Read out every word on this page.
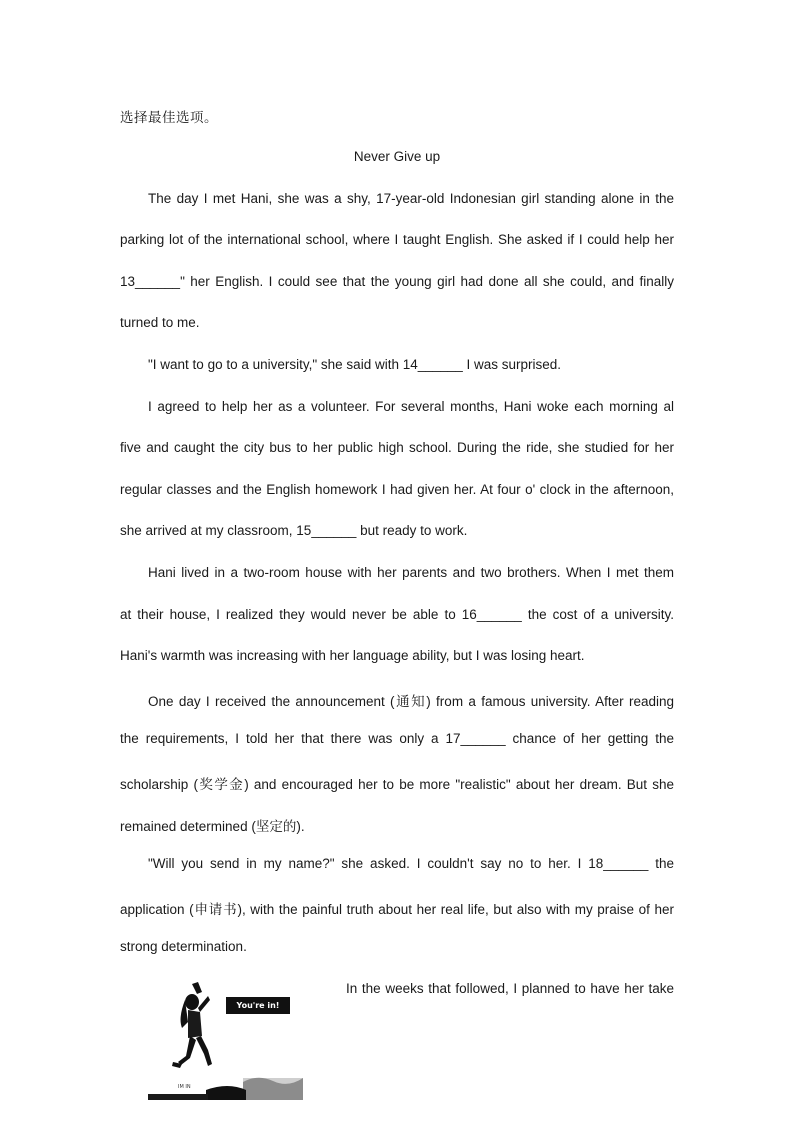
选择最佳选项。
Never Give up
The day I met Hani, she was a shy, 17-year-old Indonesian girl standing alone in the
parking lot of the international school, where I taught English. She asked if I could help her
13______" her English. I could see that the young girl had done all she could, and finally
turned to me.
"I want to go to a university," she said with 14______ I was surprised.
I agreed to help her as a volunteer. For several months, Hani woke each morning al
five and caught the city bus to her public high school. During the ride, she studied for her
regular classes and the English homework I had given her. At four o' clock in the afternoon,
she arrived at my classroom, 15______ but ready to work.
Hani lived in a two-room house with her parents and two brothers. When I met them
at their house, I realized they would never be able to 16______ the cost of a university.
Hani's warmth was increasing with her language ability, but I was losing heart.
One day I received the announcement (通知) from a famous university. After reading
the requirements, I told her that there was only a 17______ chance of her getting the
scholarship (奖学金) and encouraged her to be more "realistic" about her dream. But she
remained determined (坚定的).
"Will you send in my name?" she asked. I couldn't say no to her. I 18______ the
application (申请书), with the painful truth about her real life, but also with my praise of her
strong determination.
IM IN
You're in!
In the weeks that followed, I planned to have her take
